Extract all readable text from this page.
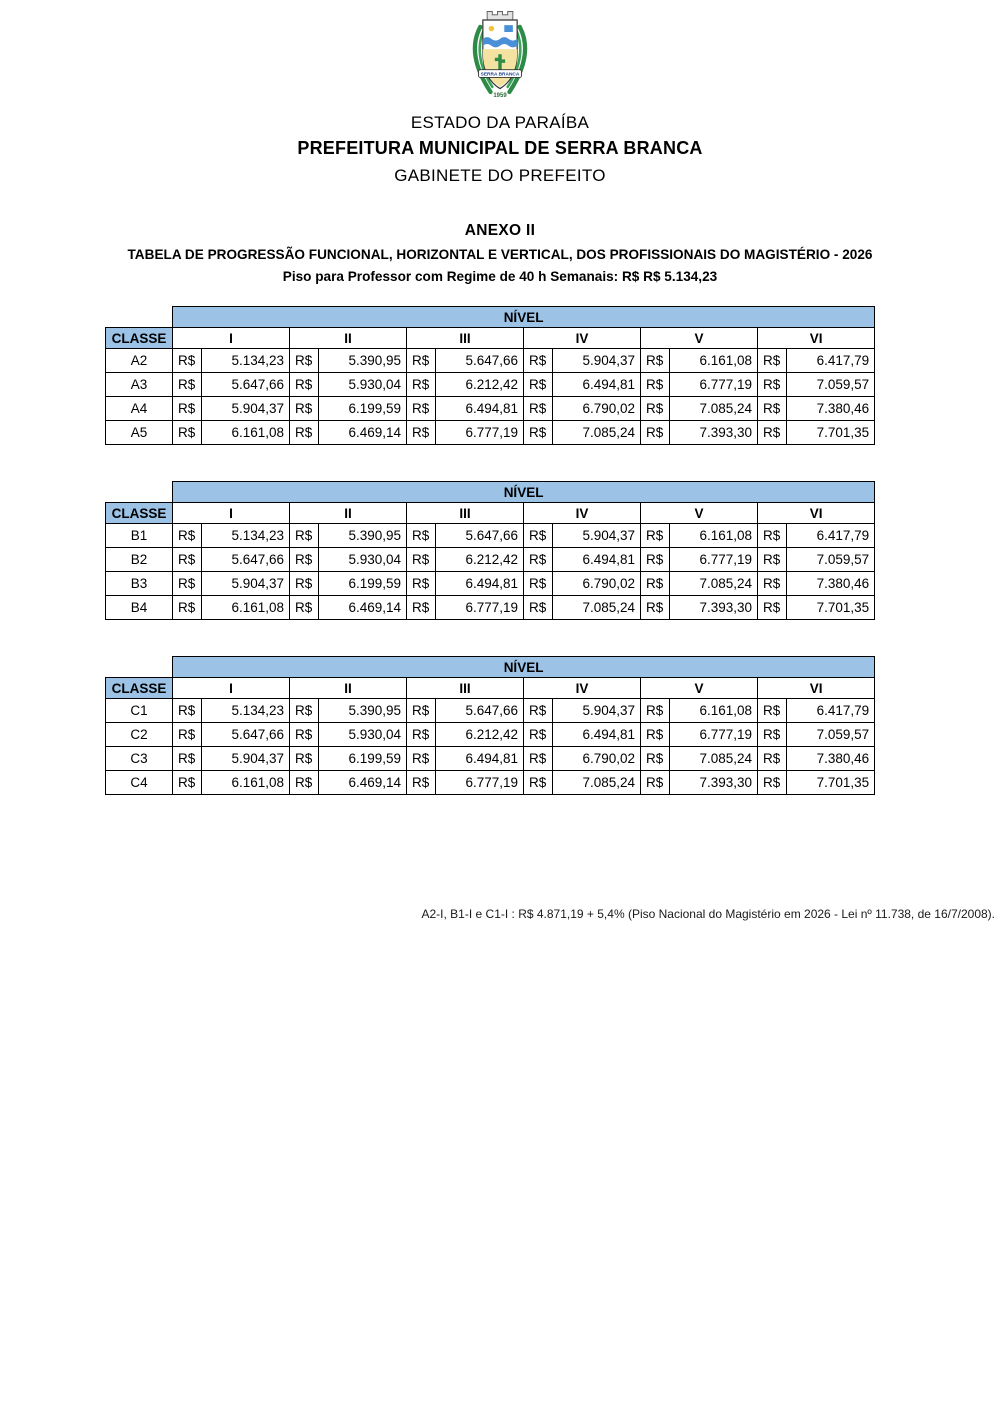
SERRA BRANCA
1959
ESTADO DA PARAÍBA
PREFEITURA MUNICIPAL DE SERRA BRANCA
GABINETE DO PREFEITO
ANEXO II
TABELA DE PROGRESSÃO FUNCIONAL, HORIZONTAL E VERTICAL, DOS PROFISSIONAIS DO MAGISTÉRIO - 2026
Piso para Professor com Regime de 40 h Semanais: R$ R$ 5.134,23
	NÍVEL											
CLASSE	I		II		III		IV		V		VI	
A2	R$	5.134,23	R$	5.390,95	R$	5.647,66	R$	5.904,37	R$	6.161,08	R$	6.417,79
A3	R$	5.647,66	R$	5.930,04	R$	6.212,42	R$	6.494,81	R$	6.777,19	R$	7.059,57
A4	R$	5.904,37	R$	6.199,59	R$	6.494,81	R$	6.790,02	R$	7.085,24	R$	7.380,46
A5	R$	6.161,08	R$	6.469,14	R$	6.777,19	R$	7.085,24	R$	7.393,30	R$	7.701,35
	NÍVEL											
CLASSE	I		II		III		IV		V		VI	
B1	R$	5.134,23	R$	5.390,95	R$	5.647,66	R$	5.904,37	R$	6.161,08	R$	6.417,79
B2	R$	5.647,66	R$	5.930,04	R$	6.212,42	R$	6.494,81	R$	6.777,19	R$	7.059,57
B3	R$	5.904,37	R$	6.199,59	R$	6.494,81	R$	6.790,02	R$	7.085,24	R$	7.380,46
B4	R$	6.161,08	R$	6.469,14	R$	6.777,19	R$	7.085,24	R$	7.393,30	R$	7.701,35
	NÍVEL											
CLASSE	I		II		III		IV		V		VI	
C1	R$	5.134,23	R$	5.390,95	R$	5.647,66	R$	5.904,37	R$	6.161,08	R$	6.417,79
C2	R$	5.647,66	R$	5.930,04	R$	6.212,42	R$	6.494,81	R$	6.777,19	R$	7.059,57
C3	R$	5.904,37	R$	6.199,59	R$	6.494,81	R$	6.790,02	R$	7.085,24	R$	7.380,46
C4	R$	6.161,08	R$	6.469,14	R$	6.777,19	R$	7.085,24	R$	7.393,30	R$	7.701,35
A2-I, B1-I e C1-I : R$ 4.871,19 + 5,4% (Piso Nacional do Magistério em 2026 - Lei nº 11.738, de 16/7/2008).
